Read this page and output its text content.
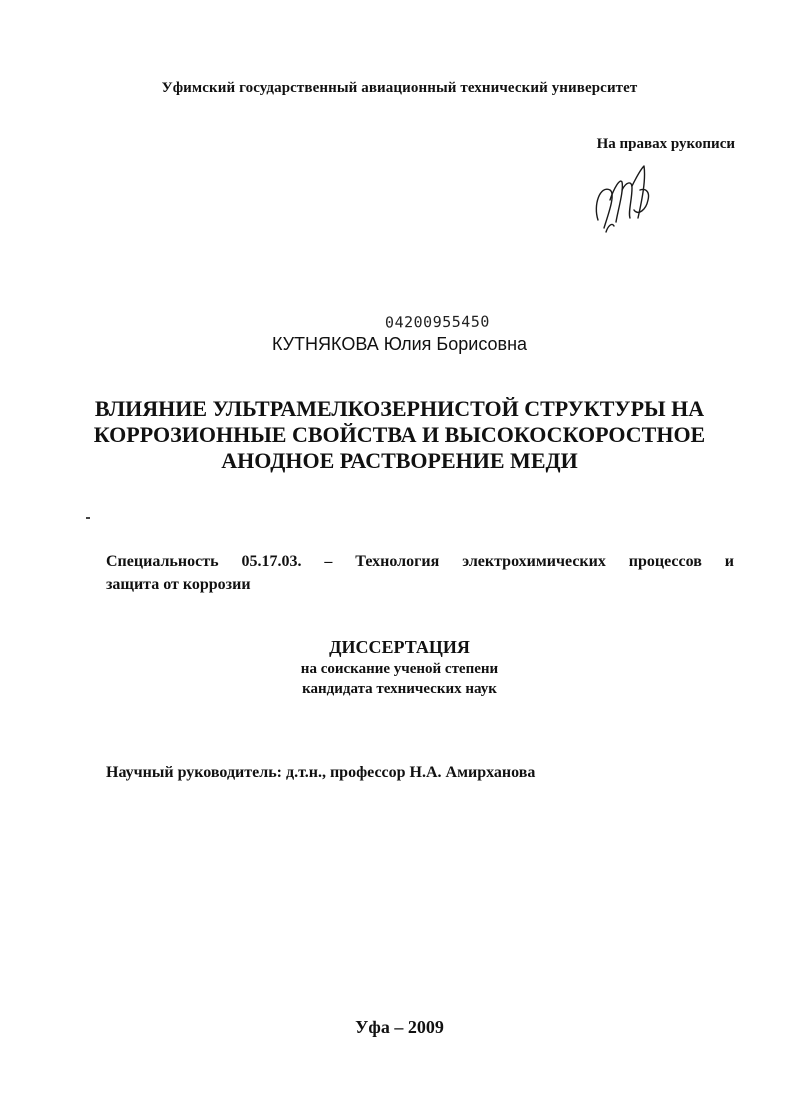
Уфимский государственный авиационный технический университет
На правах рукописи
04200955450
КУТНЯКОВА Юлия Борисовна
ВЛИЯНИЕ УЛЬТРАМЕЛКОЗЕРНИСТОЙ СТРУКТУРЫ НА
КОРРОЗИОННЫЕ СВОЙСТВА И ВЫСОКОСКОРОСТНОЕ
АНОДНОЕ РАСТВОРЕНИЕ МЕДИ
Специальность 05.17.03. – Технология электрохимических процессов и
защита от коррозии
ДИССЕРТАЦИЯ
на соискание ученой степени
кандидата технических наук
Научный руководитель: д.т.н., профессор Н.А. Амирханова
Уфа – 2009
